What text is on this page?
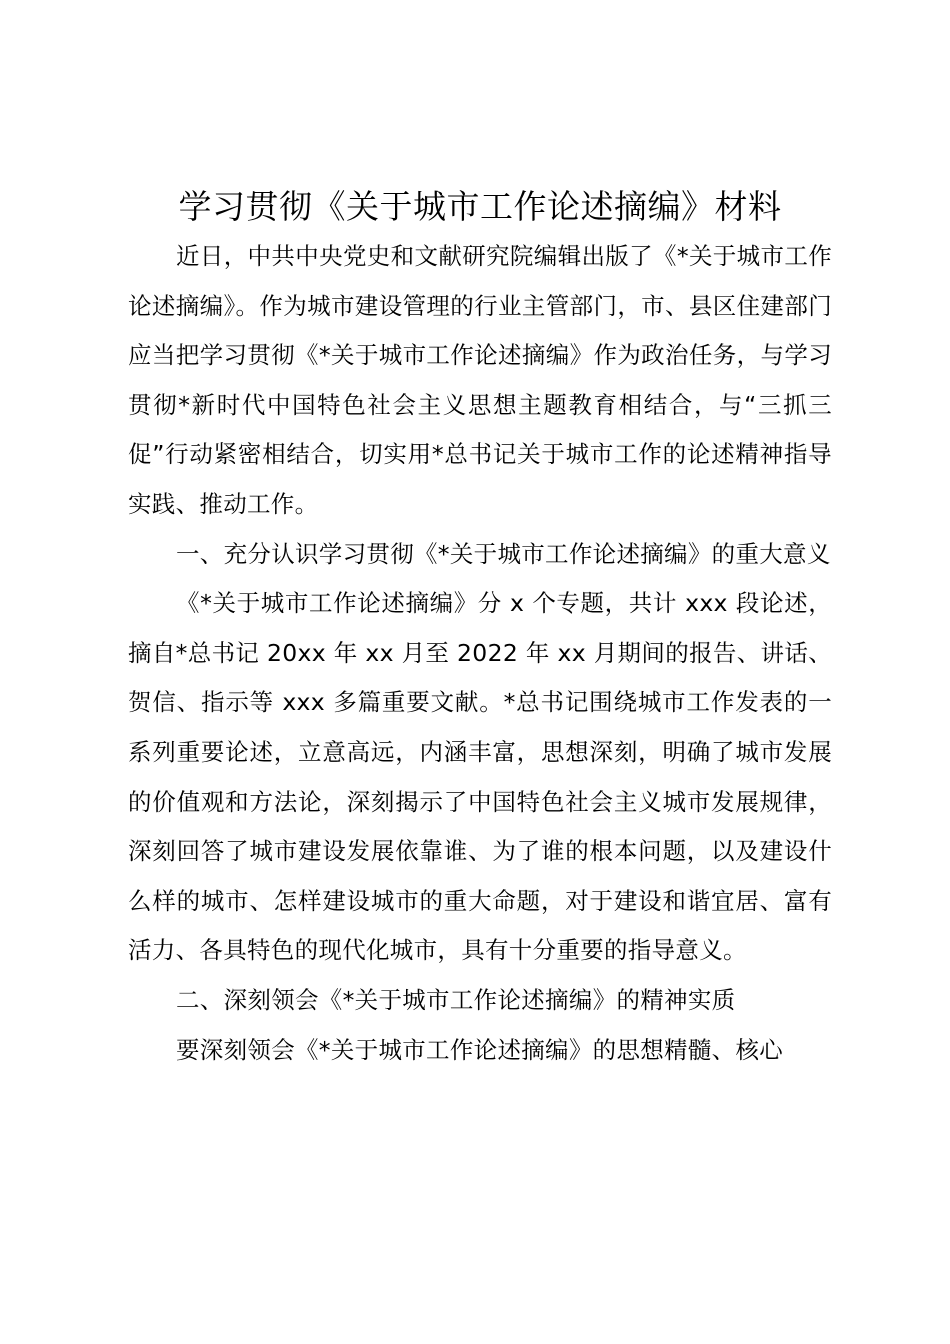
学习贯彻《关于城市工作论述摘编》材料

近日，中共中央党史和文献研究院编辑出版了《*关于城市工作论述摘编》。作为城市建设管理的行业主管部门，市、县区住建部门应当把学习贯彻《*关于城市工作论述摘编》作为政治任务，与学习贯彻*新时代中国特色社会主义思想主题教育相结合，与“三抓三促”行动紧密相结合，切实用*总书记关于城市工作的论述精神指导实践、推动工作。

一、充分认识学习贯彻《*关于城市工作论述摘编》的重大意义

《*关于城市工作论述摘编》分 x 个专题，共计 xxx 段论述，摘自*总书记 20xx 年 xx 月至 2022 年 xx 月期间的报告、讲话、贺信、指示等 xxx 多篇重要文献。*总书记围绕城市工作发表的一系列重要论述，立意高远，内涵丰富，思想深刻，明确了城市发展的价值观和方法论，深刻揭示了中国特色社会主义城市发展规律，深刻回答了城市建设发展依靠谁、为了谁的根本问题，以及建设什么样的城市、怎样建设城市的重大命题，对于建设和谐宜居、富有活力、各具特色的现代化城市，具有十分重要的指导意义。

二、深刻领会《*关于城市工作论述摘编》的精神实质

要深刻领会《*关于城市工作论述摘编》的思想精髓、核心
